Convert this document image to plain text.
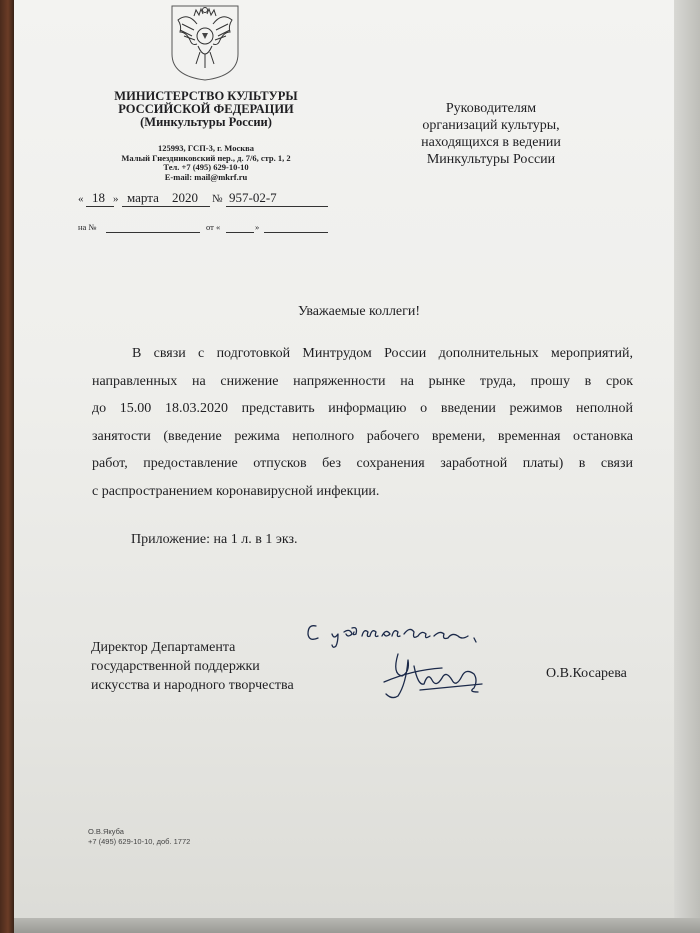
МИНИСТЕРСТВО КУЛЬТУРЫ
РОССИЙСКОЙ ФЕДЕРАЦИИ
(Минкультуры России)
125993, ГСП-3, г. Москва
Малый Гнездниковский пер., д. 7/6, стр. 1, 2
Тел. +7 (495) 629-10-10
E-mail: mail@mkrf.ru
Руководителям
организаций культуры,
находящихся в ведении
Минкультуры России
« 18 » марта 2020 № 957-02-7
на №	от «	»
Уважаемые коллеги!
В связи с подготовкой Минтрудом России дополнительных мероприятий,
направленных на снижение напряженности на рынке труда, прошу в срок
до 15.00 18.03.2020 представить информацию о введении режимов неполной
занятости (введение режима неполного рабочего времени, временная остановка
работ, предоставление отпусков без сохранения заработной платы) в связи
с распространением коронавирусной инфекции.
Приложение: на 1 л. в 1 экз.
Директор Департамента
государственной поддержки
искусства и народного творчества
О.В.Косарева
О.В.Якуба
+7 (495) 629-10-10, доб. 1772
